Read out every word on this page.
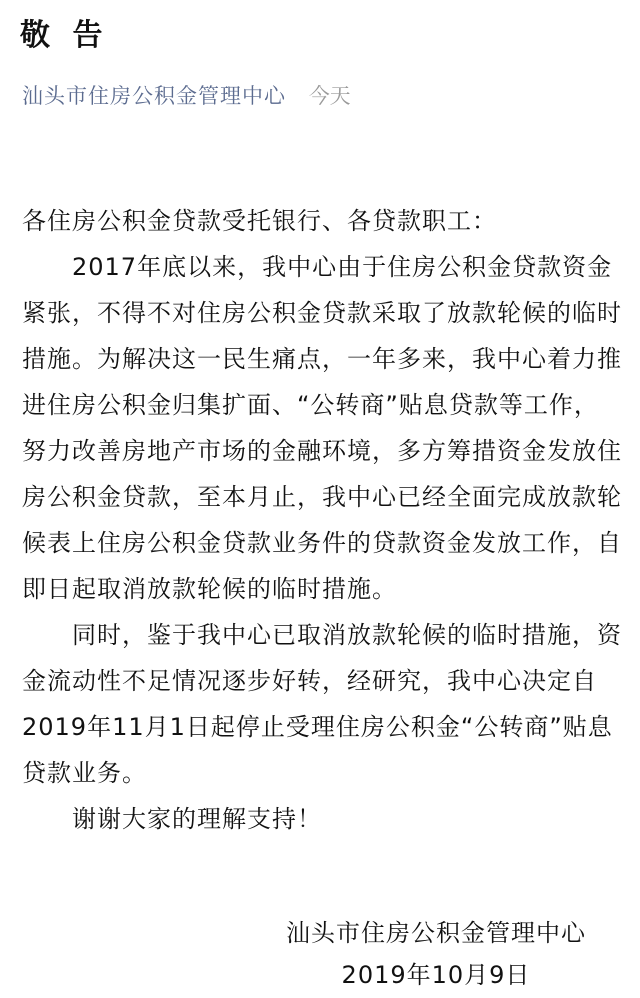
敬 告
汕头市住房公积金管理中心 今天

各住房公积金贷款受托银行、各贷款职工：

2017年底以来，我中心由于住房公积金贷款资金紧张，不得不对住房公积金贷款采取了放款轮候的临时措施。为解决这一民生痛点，一年多来，我中心着力推进住房公积金归集扩面、“公转商”贴息贷款等工作，努力改善房地产市场的金融环境，多方筹措资金发放住房公积金贷款，至本月止，我中心已经全面完成放款轮候表上住房公积金贷款业务件的贷款资金发放工作，自即日起取消放款轮候的临时措施。

同时，鉴于我中心已取消放款轮候的临时措施，资金流动性不足情况逐步好转，经研究，我中心决定自2019年11月1日起停止受理住房公积金“公转商”贴息贷款业务。

谢谢大家的理解支持！

汕头市住房公积金管理中心
2019年10月9日
